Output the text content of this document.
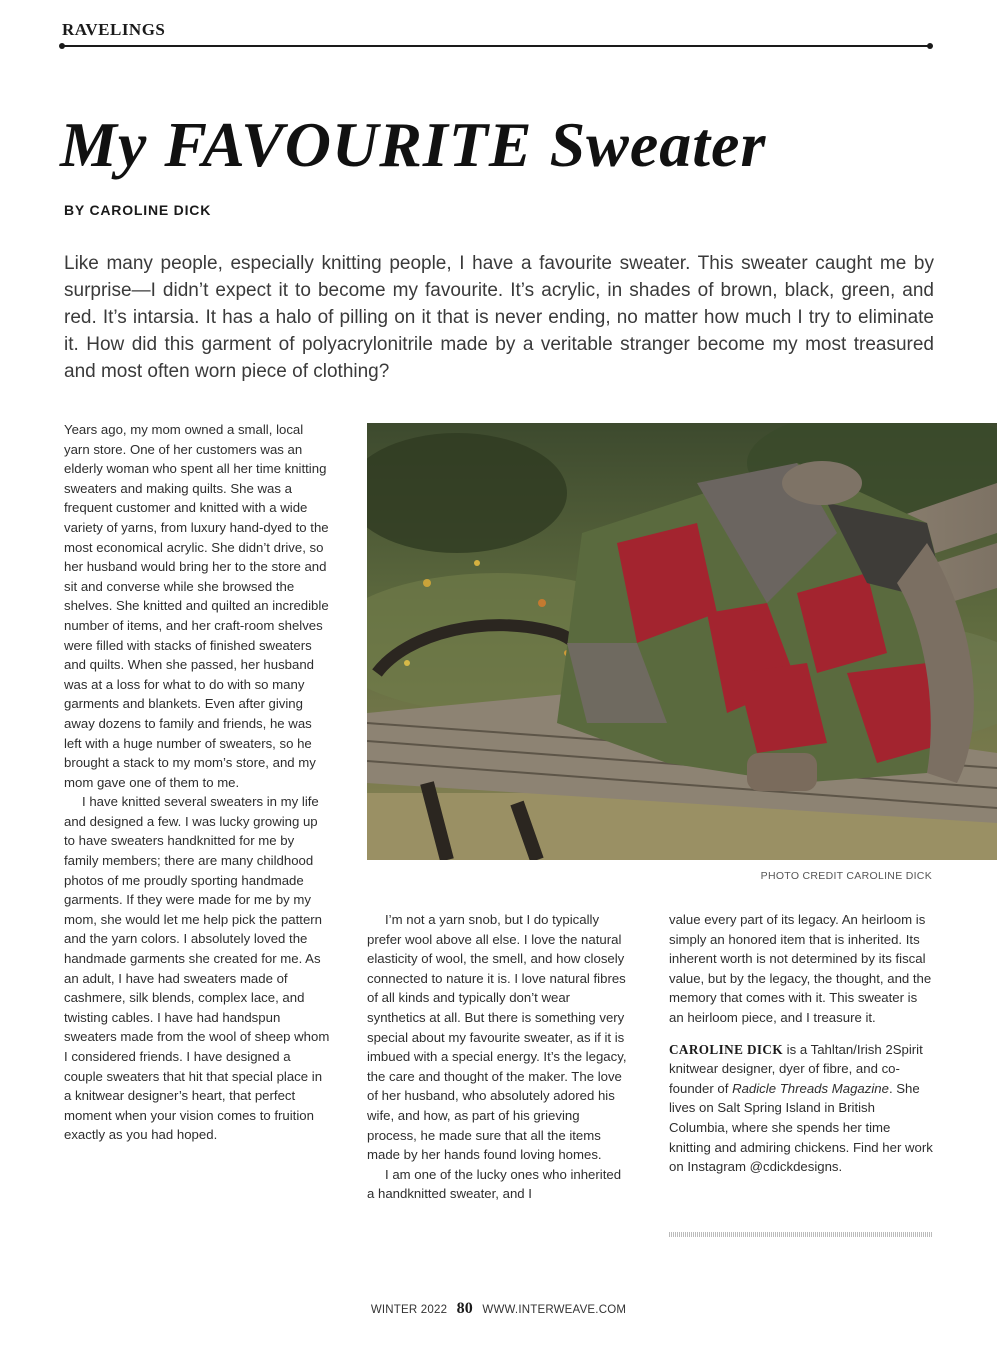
RAVELINGS
My FAVOURITE Sweater
BY CAROLINE DICK

Like many people, especially knitting people, I have a favourite sweater. This sweater caught me by surprise—I didn’t expect it to become my favourite. It’s acrylic, in shades of brown, black, green, and red. It’s intarsia. It has a halo of pilling on it that is never ending, no matter how much I try to eliminate it. How did this garment of polyacrylonitrile made by a veritable stranger become my most treasured and most often worn piece of clothing?

Years ago, my mom owned a small, local yarn store. One of her customers was an elderly woman who spent all her time knitting sweaters and making quilts. She was a frequent customer and knitted with a wide variety of yarns, from luxury hand-dyed to the most economical acrylic. She didn’t drive, so her husband would bring her to the store and sit and converse while she browsed the shelves. She knitted and quilted an incredible number of items, and her craft-room shelves were filled with stacks of finished sweaters and quilts. When she passed, her husband was at a loss for what to do with so many garments and blankets. Even after giving away dozens to family and friends, he was left with a huge number of sweaters, so he brought a stack to my mom’s store, and my mom gave one of them to me.

I have knitted several sweaters in my life and designed a few. I was lucky growing up to have sweaters handknitted for me by family members; there are many childhood photos of me proudly sporting handmade garments. If they were made for me by my mom, she would let me help pick the pattern and the yarn colors. I absolutely loved the handmade garments she created for me. As an adult, I have had sweaters made of cashmere, silk blends, complex lace, and twisting cables. I have had handspun sweaters made from the wool of sheep whom I considered friends. I have designed a couple sweaters that hit that special place in a knitwear designer’s heart, that perfect moment when your vision comes to fruition exactly as you had hoped.

PHOTO CREDIT CAROLINE DICK

I’m not a yarn snob, but I do typically prefer wool above all else. I love the natural elasticity of wool, the smell, and how closely connected to nature it is. I love natural fibres of all kinds and typically don’t wear synthetics at all. But there is something very special about my favourite sweater, as if it is imbued with a special energy. It’s the legacy, the care and thought of the maker. The love of her husband, who absolutely adored his wife, and how, as part of his grieving process, he made sure that all the items made by her hands found loving homes.

I am one of the lucky ones who inherited a handknitted sweater, and I

value every part of its legacy. An heirloom is simply an honored item that is inherited. Its inherent worth is not determined by its fiscal value, but by the legacy, the thought, and the memory that comes with it. This sweater is an heirloom piece, and I treasure it.

CAROLINE DICK is a Tahltan/Irish 2Spirit knitwear designer, dyer of fibre, and co-founder of Radicle Threads Magazine. She lives on Salt Spring Island in British Columbia, where she spends her time knitting and admiring chickens. Find her work on Instagram @cdickdesigns.

WINTER 2022 80 WWW.INTERWEAVE.COM
